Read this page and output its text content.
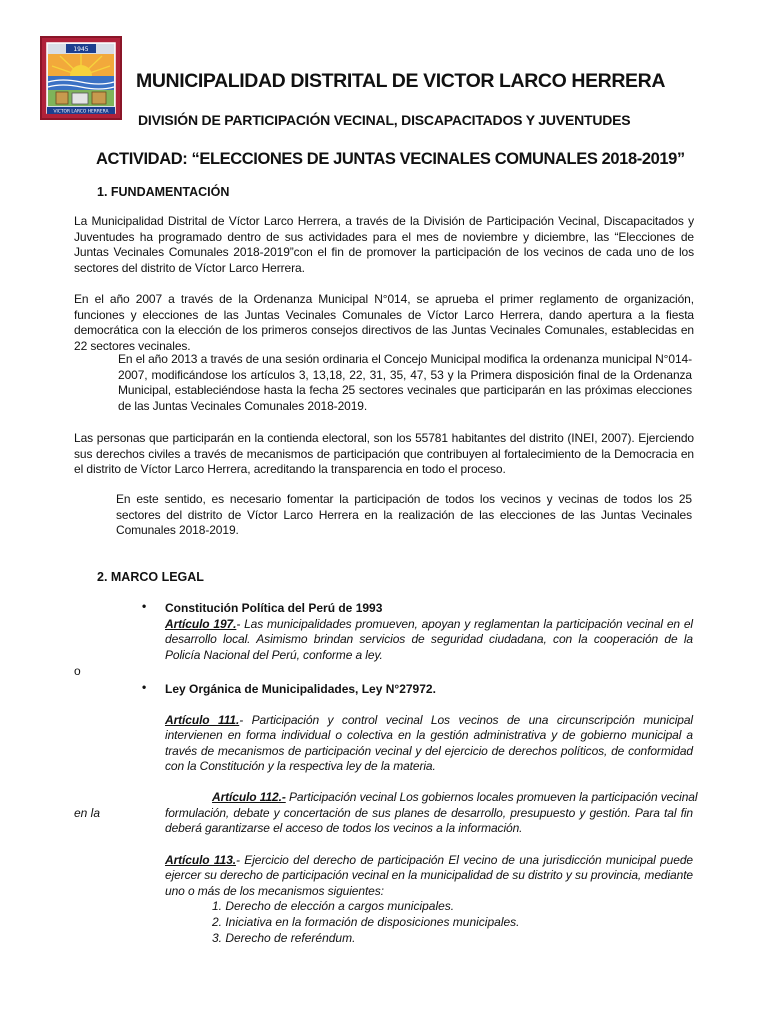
1945
VICTOR LARCO HERRERA
MUNICIPALIDAD DISTRITAL DE VICTOR LARCO HERRERA
DIVISIÓN DE PARTICIPACIÓN VECINAL, DISCAPACITADOS Y JUVENTUDES
ACTIVIDAD: “ELECCIONES DE JUNTAS VECINALES COMUNALES 2018-2019”
1. FUNDAMENTACIÓN

La Municipalidad Distrital de Víctor Larco Herrera, a través de la División de Participación Vecinal, Discapacitados y Juventudes ha programado dentro de sus actividades para el mes de noviembre y diciembre, las “Elecciones de Juntas Vecinales Comunales 2018-2019”con el fin de promover la participación de los vecinos de cada uno de los sectores del distrito de Víctor Larco Herrera.

En el año 2007 a través de la Ordenanza Municipal N°014, se aprueba el primer reglamento de organización, funciones y elecciones de las Juntas Vecinales Comunales de Víctor Larco Herrera, dando apertura a la fiesta democrática con la elección de los primeros consejos directivos de las Juntas Vecinales Comunales, establecidas en 22 sectores vecinales.

En el año 2013 a través de una sesión ordinaria el Concejo Municipal modifica la ordenanza municipal N°014-2007, modificándose los artículos 3, 13,18, 22, 31, 35, 47, 53 y la Primera disposición final de la Ordenanza Municipal, estableciéndose hasta la fecha 25 sectores vecinales que participarán en las próximas elecciones de las Juntas Vecinales Comunales 2018-2019.

Las personas que participarán en la contienda electoral, son los 55781 habitantes del distrito (INEI, 2007). Ejerciendo sus derechos civiles a través de mecanismos de participación que contribuyen al fortalecimiento de la Democracia en el distrito de Víctor Larco Herrera, acreditando la transparencia en todo el proceso.

En este sentido, es necesario fomentar la participación de todos los vecinos y vecinas de todos los 25 sectores del distrito de Víctor Larco Herrera en la realización de las elecciones de las Juntas Vecinales Comunales 2018-2019.

2. MARCO LEGAL
• Constitución Política del Perú de 1993

Artículo 197.- Las municipalidades promueven, apoyan y reglamentan la participación vecinal en el desarrollo local. Asimismo brindan servicios de seguridad ciudadana, con la cooperación de la Policía Nacional del Perú, conforme a ley.

o
• Ley Orgánica de Municipalidades, Ley N°27972.

Artículo 111.- Participación y control vecinal Los vecinos de una circunscripción municipal intervienen en forma individual o colectiva en la gestión administrativa y de gobierno municipal a través de mecanismos de participación vecinal y del ejercicio de derechos políticos, de conformidad con la Constitución y la respectiva ley de la materia.

Artículo 112.- Participación vecinal Los gobiernos locales promueven la participación vecinal

en la	formulación, debate y concertación de sus planes de desarrollo, presupuesto y gestión. Para tal fin deberá garantizarse el acceso de todos los vecinos a la información.

Artículo 113.- Ejercicio del derecho de participación El vecino de una jurisdicción municipal puede ejercer su derecho de participación vecinal en la municipalidad de su distrito y su provincia, mediante uno o más de los mecanismos siguientes:

1. Derecho de elección a cargos municipales.
2. Iniciativa en la formación de disposiciones municipales.
3. Derecho de referéndum.
